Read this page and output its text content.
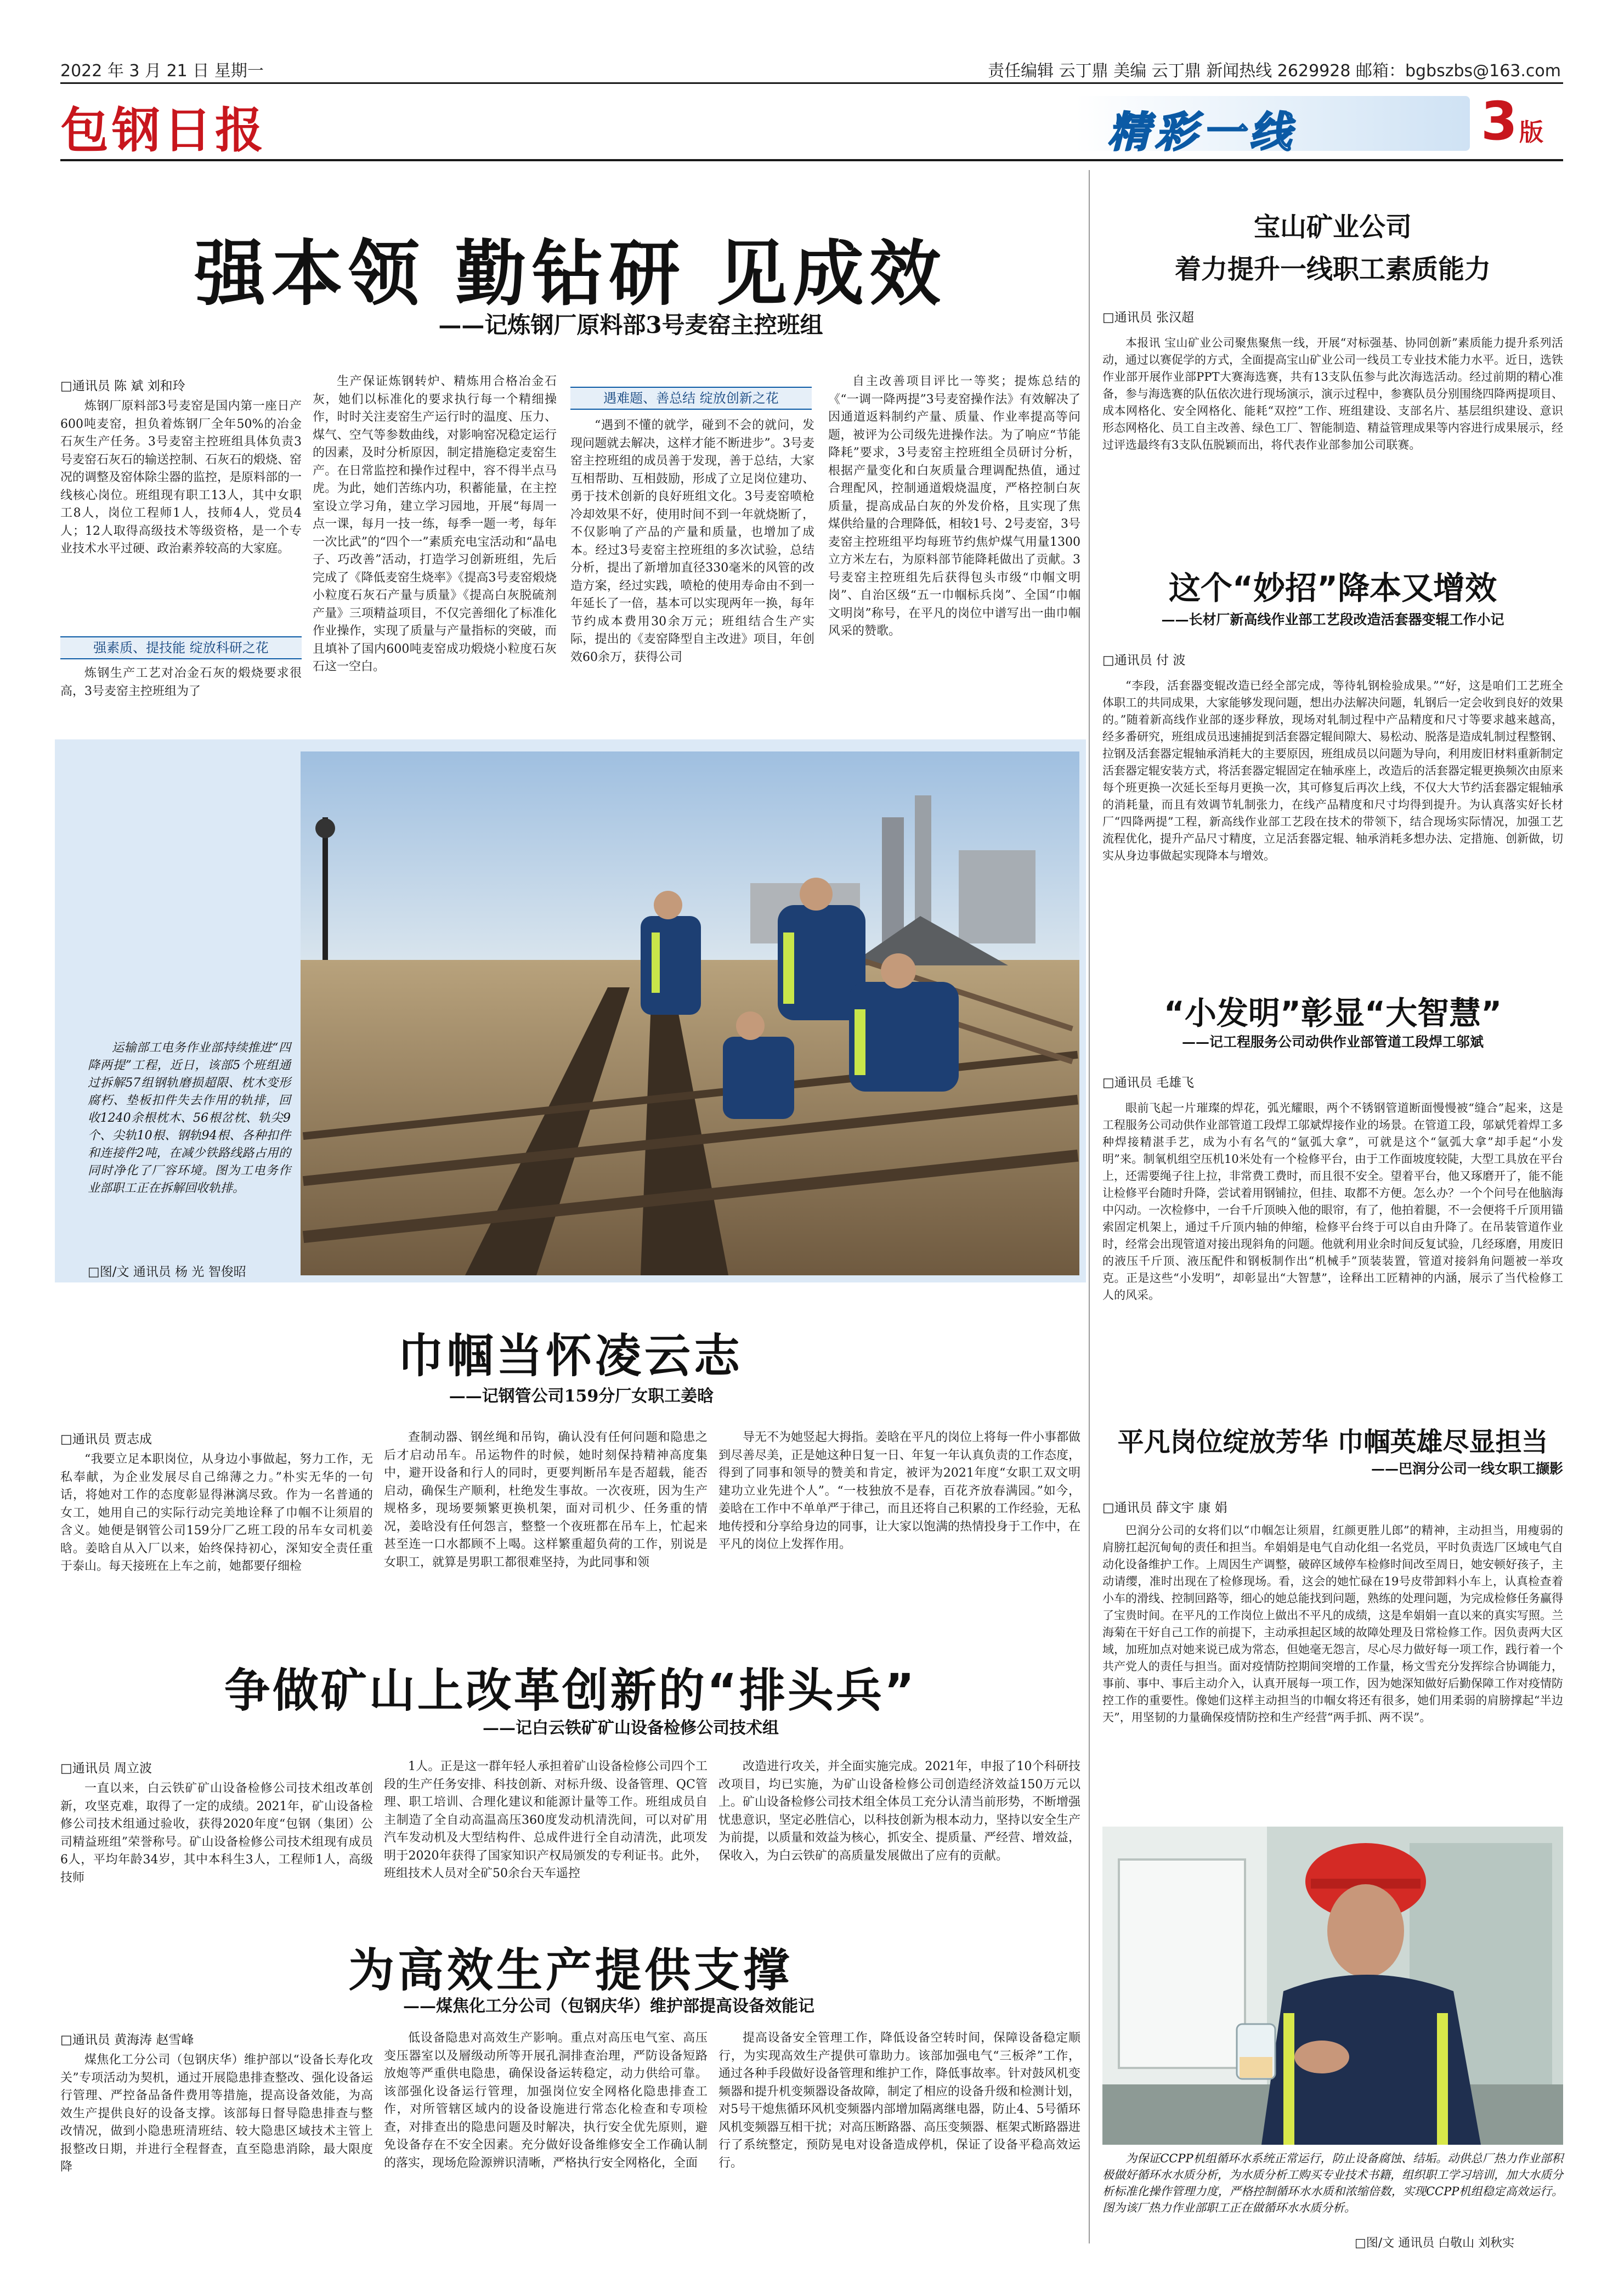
2022 年 3 月 21 日 星期一	责任编辑 云丁鼎 美编 云丁鼎 新闻热线 2629928 邮箱：bgbszbs@163.com
包钢日报	精彩一线	3 版
强本领 勤钻研 见成效
——记炼钢厂原料部3号麦窑主控班组
□通讯员 陈 斌 刘和玲

炼钢厂原料部3号麦窑是国内第一座日产600吨麦窑，担负着炼钢厂全年50%的冶金石灰生产任务。3号麦窑主控班组具体负责3号麦窑石灰石的输送控制、石灰石的煅烧、窑况的调整及窑体除尘器的监控，是原料部的一线核心岗位。班组现有职工13人，其中女职工8人，岗位工程师1人，技师4人，党员4人；12人取得高级技术等级资格，是一个专业技术水平过硬、政治素养较高的大家庭。

强素质、提技能 绽放科研之花

炼钢生产工艺对冶金石灰的煅烧要求很高，3号麦窑主控班组为了

生产保证炼钢转炉、精炼用合格冶金石灰，她们以标准化的要求执行每一个精细操作，时时关注麦窑生产运行时的温度、压力、煤气、空气等参数曲线，对影响窑况稳定运行的因素，及时分析原因，制定措施稳定麦窑生产。在日常监控和操作过程中，容不得半点马虎。为此，她们苦练内功，积蓄能量，在主控室设立学习角，建立学习园地，开展“每周一点一课，每月一技一练，每季一题一考，每年一次比武”的“四个一”素质充电宝活动和“晶电子、巧改善”活动，打造学习创新班组，先后完成了《降低麦窑生烧率》《提高3号麦窑煅烧小粒度石灰石产量与质量》《提高白灰脱硫剂产量》三项精益项目，不仅完善细化了标准化作业操作，实现了质量与产量指标的突破，而且填补了国内600吨麦窑成功煅烧小粒度石灰石这一空白。

遇难题、善总结 绽放创新之花

“遇到不懂的就学，碰到不会的就问，发现问题就去解决，这样才能不断进步”。3号麦窑主控班组的成员善于发现，善于总结，大家互相帮助、互相鼓励，形成了立足岗位建功、勇于技术创新的良好班组文化。3号麦窑喷枪冷却效果不好，使用时间不到一年就烧断了，不仅影响了产品的产量和质量，也增加了成本。经过3号麦窑主控班组的多次试验，总结分析，提出了新增加直径330毫米的风管的改造方案，经过实践，喷枪的使用寿命由不到一年延长了一倍，基本可以实现两年一换，每年节约成本费用30余万元；班组结合生产实际，提出的《麦窑降型自主改进》项目，年创效60余万，获得公司

自主改善项目评比一等奖；提炼总结的《“一调一降两提”3号麦窑操作法》有效解决了因通道返料制约产量、质量、作业率提高等问题，被评为公司级先进操作法。为了响应“节能降耗”要求，3号麦窑主控班组全员研讨分析，根据产量变化和白灰质量合理调配热值，通过合理配风，控制通道煅烧温度，严格控制白灰质量，提高成品白灰的外发价格，且实现了焦煤供给量的合理降低，相较1号、2号麦窑，3号麦窑主控班组平均每班节约焦炉煤气用量1300立方米左右，为原料部节能降耗做出了贡献。3号麦窑主控班组先后获得包头市级“巾帼文明岗”、自治区级“五一巾帼标兵岗”、全国“巾帼文明岗”称号，在平凡的岗位中谱写出一曲巾帼风采的赞歌。

运输部工电务作业部持续推进“四降两提”工程，近日，该部5个班组通过拆解57组钢轨磨损超限、枕木变形腐朽、垫板扣件失去作用的轨排，回收1240余根枕木、56根岔枕、轨尖9个、尖轨10根、钢轨94根、各种扣件和连接件2吨，在减少铁路线路占用的同时净化了厂容环境。图为工电务作业部职工正在拆解回收轨排。
□图/文 通讯员 杨 光 智俊昭
巾帼当怀凌云志
——记钢管公司159分厂女职工姜晗
□通讯员 贾志成

“我要立足本职岗位，从身边小事做起，努力工作，无私奉献，为企业发展尽自己绵薄之力。”朴实无华的一句话，将她对工作的态度彰显得淋漓尽致。作为一名普通的女工，她用自己的实际行动完美地诠释了巾帼不让须眉的含义。她便是钢管公司159分厂乙班工段的吊车女司机姜晗。姜晗自从入厂以来，始终保持初心，深知安全责任重于泰山。每天接班在上车之前，她都要仔细检

查制动器、钢丝绳和吊钩，确认没有任何问题和隐患之后才启动吊车。吊运物件的时候，她时刻保持精神高度集中，避开设备和行人的同时，更要判断吊车是否超载，能否启动，确保生产顺利，杜绝发生事故。一次夜班，因为生产规格多，现场要频繁更换机架，面对司机少、任务重的情况，姜晗没有任何怨言，整整一个夜班都在吊车上，忙起来甚至连一口水都顾不上喝。这样繁重超负荷的工作，别说是女职工，就算是男职工都很难坚持，为此同事和领

导无不为她竖起大拇指。姜晗在平凡的岗位上将每一件小事都做到尽善尽美，正是她这种日复一日、年复一年认真负责的工作态度，得到了同事和领导的赞美和肯定，被评为2021年度“女职工双文明建功立业先进个人”。“一枝独放不是春，百花齐放春满园。”如今，姜晗在工作中不单单严于律己，而且还将自己积累的工作经验，无私地传授和分享给身边的同事，让大家以饱满的热情投身于工作中，在平凡的岗位上发挥作用。

争做矿山上改革创新的“排头兵”
——记白云铁矿矿山设备检修公司技术组
□通讯员 周立波

一直以来，白云铁矿矿山设备检修公司技术组改革创新，攻坚克难，取得了一定的成绩。2021年，矿山设备检修公司技术组通过验收，获得2020年度“包钢（集团）公司精益班组”荣誉称号。矿山设备检修公司技术组现有成员6人，平均年龄34岁，其中本科生3人，工程师1人，高级技师

1人。正是这一群年轻人承担着矿山设备检修公司四个工段的生产任务安排、科技创新、对标升级、设备管理、QC管理、职工培训、合理化建议和能源计量等工作。班组成员自主制造了全自动高温高压360度发动机清洗间，可以对矿用汽车发动机及大型结构件、总成件进行全自动清洗，此项发明于2020年获得了国家知识产权局颁发的专利证书。此外，班组技术人员对全矿50余台天车遥控

改造进行攻关，并全面实施完成。2021年，申报了10个科研技改项目，均已实施，为矿山设备检修公司创造经济效益150万元以上。矿山设备检修公司技术组全体员工充分认清当前形势，不断增强忧患意识，坚定必胜信心，以科技创新为根本动力，坚持以安全生产为前提，以质量和效益为核心，抓安全、提质量、严经营、增效益，保收入，为白云铁矿的高质量发展做出了应有的贡献。

为高效生产提供支撑
——煤焦化工分公司（包钢庆华）维护部提高设备效能记
□通讯员 黄海涛 赵雪峰

煤焦化工分公司（包钢庆华）维护部以“设备长寿化攻关”专项活动为契机，通过开展隐患排查整改、强化设备运行管理、严控备品备件费用等措施，提高设备效能，为高效生产提供良好的设备支撑。该部每日督导隐患排查与整改情况，做到小隐患班清班结、较大隐患区域技术主管上报整改日期，并进行全程督查，直至隐患消除，最大限度降

低设备隐患对高效生产影响。重点对高压电气室、高压变压器室以及層级动所等开展孔洞排查治理，严防设备短路放炮等严重供电隐患，确保设备运转稳定，动力供给可靠。该部强化设备运行管理，加强岗位安全网格化隐患排查工作，对所管辖区域内的设备设施进行常态化检查和专项检查，对排查出的隐患问题及时解决，执行安全优先原则，避免设备存在不安全因素。充分做好设备维修安全工作确认制的落实，现场危险源辨识清晰，严格执行安全网格化，全面

提高设备安全管理工作，降低设备空转时间，保障设备稳定顺行，为实现高效生产提供可靠助力。该部加强电气“三板斧”工作，通过各种手段做好设备管理和维护工作，降低事故率。针对鼓风机变频器和提升机变频器设备故障，制定了相应的设备升级和检测计划，对5号干熄焦循环风机变频器内部增加隔离继电器，防止4、5号循环风机变频器互相干扰；对高压断路器、高压变频器、框架式断路器进行了系统整定，预防晃电对设备造成停机，保证了设备平稳高效运行。

宝山矿业公司
着力提升一线职工素质能力
□通讯员 张汉超

本报讯 宝山矿业公司聚焦聚焦一线，开展“对标强基、协同创新”素质能力提升系列活动，通过以赛促学的方式，全面提高宝山矿业公司一线员工专业技术能力水平。近日，选铁作业部开展作业部PPT大赛海选赛，共有13支队伍参与此次海选活动。经过前期的精心准备，参与海选赛的队伍依次进行现场演示，演示过程中，参赛队员分别围绕四降两提项目、成本网格化、安全网格化、能耗“双控”工作、班组建设、支部名片、基层组织建设、意识形态网格化、员工自主改善、绿色工厂、智能制造、精益管理成果等内容进行成果展示，经过评选最终有3支队伍脱颖而出，将代表作业部参加公司联赛。

这个“妙招”降本又增效
——长材厂新高线作业部工艺段改造活套器变辊工作小记
□通讯员 付 波

“李段，活套器变辊改造已经全部完成，等待轧钢检验成果。”“好，这是咱们工艺班全体职工的共同成果，大家能够发现问题，想出办法解决问题，轧钢后一定会收到良好的效果的。”随着新高线作业部的逐步释放，现场对轧制过程中产品精度和尺寸等要求越来越高，经多番研究，班组成员迅速捕捉到活套器定辊间隙大、易松动、脱落是造成轧制过程整钢、拉钢及活套器定辊轴承消耗大的主要原因，班组成员以问题为导向，利用废旧材料重新制定活套器定辊安装方式，将活套器定辊固定在轴承座上，改造后的活套器定辊更换频次由原来每个班更换一次延长至每月更换一次，其可修复后再次上线，不仅大大节约活套器定辊轴承的消耗量，而且有效调节轧制张力，在线产品精度和尺寸均得到提升。为认真落实好长材厂“四降两提”工程，新高线作业部工艺段在技术的带领下，结合现场实际情况，加强工艺流程优化，提升产品尺寸精度，立足活套器定辊、轴承消耗多想办法、定措施、创新做，切实从身边事做起实现降本与增效。

“小发明”彰显“大智慧”
——记工程服务公司动供作业部管道工段焊工邬斌
□通讯员 毛雄飞

眼前飞起一片璀璨的焊花，弧光耀眼，两个不锈钢管道断面慢慢被“缝合”起来，这是工程服务公司动供作业部管道工段焊工邬斌焊接作业的场景。在管道工段，邬斌凭着焊工多种焊接精湛手艺，成为小有名气的“氩弧大拿”，可就是这个“氩弧大拿”却手起“小发明”来。制氧机组空压机10米处有一个检修平台，由于工作面坡度较陡，大型工具放在平台上，还需要绳子往上拉，非常费工费时，而且很不安全。望着平台，他又琢磨开了，能不能让检修平台随时升降，尝试着用钢铺拉，但挂、取都不方便。怎么办？一个个问号在他脑海中闪动。一次检修中，一台千斤顶映入他的眼帘，有了，他拍着腿，不一会便将千斤顶用锚索固定机架上，通过千斤顶内轴的伸缩，检修平台终于可以自由升降了。在吊装管道作业时，经常会出现管道对接出现斜角的问题。他就利用业余时间反复试验，几经琢磨，用废旧的液压千斤顶、液压配件和钢板制作出“机械手”顶装装置，管道对接斜角问题被一举攻克。正是这些“小发明”，却彰显出“大智慧”，诠释出工匠精神的内涵，展示了当代检修工人的风采。

平凡岗位绽放芳华 巾帼英雄尽显担当
——巴润分公司一线女职工撷影
□通讯员 薛文宇 康 娟

巴润分公司的女将们以“巾帼怎让须眉，红颜更胜儿郎”的精神，主动担当，用瘦弱的肩膀扛起沉甸甸的责任和担当。牟娟娟是电气自动化组一名党员，平时负责选厂区域电气自动化设备维护工作。上周因生产调整，破碎区域停车检修时间改至周日，她安顿好孩子，主动请缨，准时出现在了检修现场。看，这会的她忙碌在19号皮带卸料小车上，认真检查着小车的滑线、控制回路等，细心的她总能找到问题，熟练的处理问题，为完成检修任务赢得了宝贵时间。在平凡的工作岗位上做出不平凡的成绩，这是牟娟娟一直以来的真实写照。兰海菊在干好自己工作的前提下，主动承担起区域的故障处理及日常检修工作。因负责两大区域，加班加点对她来说已成为常态，但她毫无怨言，尽心尽力做好每一项工作，践行着一个共产党人的责任与担当。面对疫情防控期间突增的工作量，杨文雪充分发挥综合协调能力，事前、事中、事后主动介入，认真开展每一项工作，因为她深知做好后勤保障工作对疫情防控工作的重要性。像她们这样主动担当的巾帼女将还有很多，她们用柔弱的肩膀撑起“半边天”，用坚韧的力量确保疫情防控和生产经营“两手抓、两不误”。

为保证CCPP机组循环水系统正常运行，防止设备腐蚀、结垢。动供总厂热力作业部积极做好循环水水质分析，为水质分析工购买专业技术书籍，组织职工学习培训，加大水质分析标准化操作管理力度，严格控制循环水水质和浓缩倍数，实现CCPP机组稳定高效运行。图为该厂热力作业部职工正在做循环水水质分析。
□图/文 通讯员 白敬山 刘秋实
